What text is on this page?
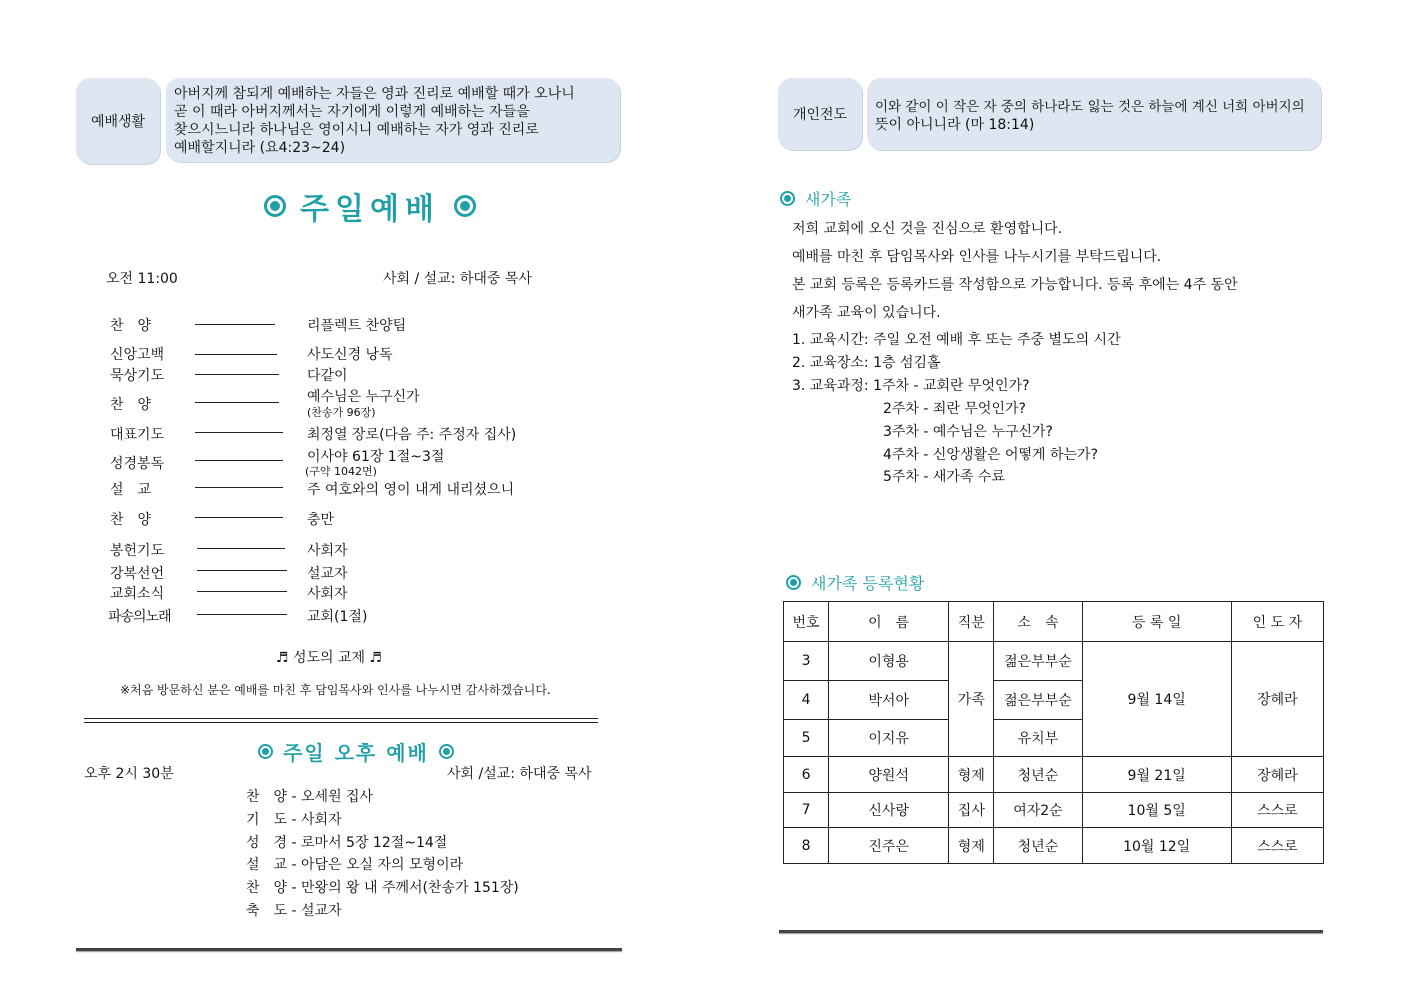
예배생활
아버지께 참되게 예배하는 자들은 영과 진리로 예배할 때가 오나니
곧 이 때라 아버지께서는 자기에게 이렇게 예배하는 자들을
찾으시느니라 하나님은 영이시니 예배하는 자가 영과 진리로
예배할지니라 (요4:23~24)
주일예배
오전 11:00	사회 / 설교: 하대중 목사
찬　양	리플렉트 찬양팀
신앙고백	사도신경 낭독
묵상기도	다같이
찬　양	예수님은 누구신가
(찬송가 96장)
대표기도	최정열 장로(다음 주: 주정자 집사)
성경봉독	이사야 61장 1절~3절
(구약 1042면)
설　교	주 여호와의 영이 내게 내리셨으니
찬　양	충만
봉헌기도	사회자
강복선언	설교자
교회소식	사회자
파송의노래	교회(1절)
♬ 성도의 교제 ♬
※처음 방문하신 분은 예배를 마친 후 담임목사와 인사를 나누시면 감사하겠습니다.
주일 오후 예배
오후 2시 30분	사회 /설교: 하대중 목사
찬　양 - 오세원 집사
기　도 - 사회자
성　경 - 로마서 5장 12절~14절
설　교 - 아담은 오실 자의 모형이라
찬　양 - 만왕의 왕 내 주께서(찬송가 151장)
축　도 - 설교자
개인전도 이와 같이 이 작은 자 중의 하나라도 잃는 것은 하늘에 계신 너희 아버지의
뜻이 아니니라 (마 18:14)
새가족
저희 교회에 오신 것을 진심으로 환영합니다.
예배를 마친 후 담임목사와 인사를 나누시기를 부탁드립니다.
본 교회 등록은 등록카드를 작성함으로 가능합니다. 등록 후에는 4주 동안
새가족 교육이 있습니다.
1. 교육시간: 주일 오전 예배 후 또는 주중 별도의 시간
2. 교육장소: 1층 섬김홀
3. 교육과정: 1주차 - 교회란 무엇인가?
2주차 - 죄란 무엇인가?
3주차 - 예수님은 누구신가?
4주차 - 신앙생활은 어떻게 하는가?
5주차 - 새가족 수료
새가족 등록현황
번호	이　름	직분	소　속	등 록 일	인 도 자
3	이형용	가족	젊은부부순	9월 14일	장혜라
4	박서아		젊은부부순		
5	이지유		유치부		
6	양원석	형제	청년순	9월 21일	장혜라
7	신사랑	집사	여자2순	10월 5일	스스로
8	진주은	형제	청년순	10월 12일	스스로
